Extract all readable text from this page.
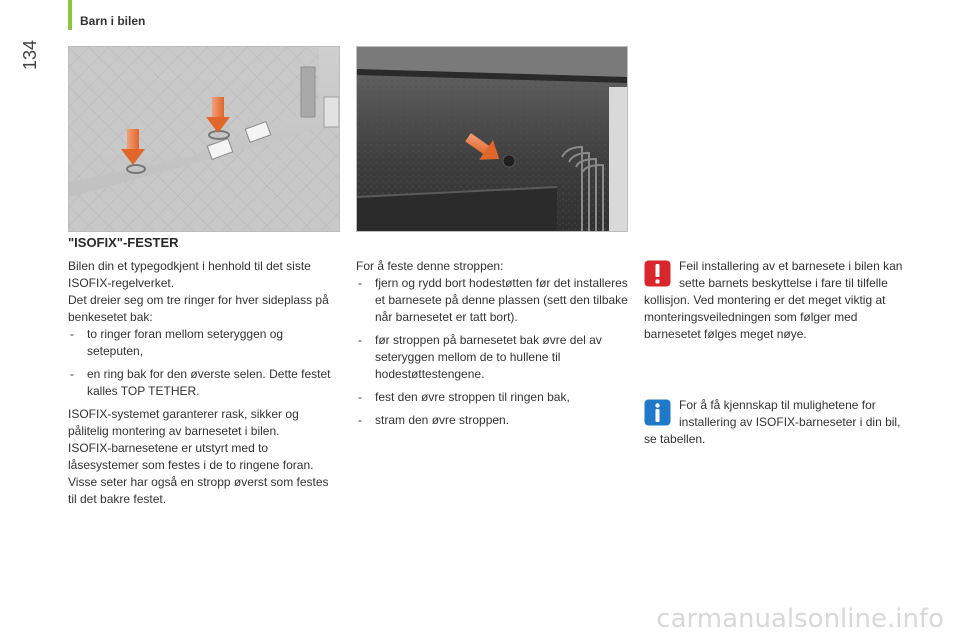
Barn i bilen
134
"ISOFIX"-FESTER

Bilen din et typegodkjent i henhold til det siste ISOFIX-regelverket.

Det dreier seg om tre ringer for hver sideplass på benkesetet bak:

- to ringer foran mellom seteryggen og seteputen,

- en ring bak for den øverste selen. Dette festet kalles TOP TETHER.

ISOFIX-systemet garanterer rask, sikker og pålitelig montering av barnesetet i bilen.

ISOFIX-barnesetene er utstyrt med to låsesystemer som festes i de to ringene foran.

Visse seter har også en stropp øverst som festes til det bakre festet.

For å feste denne stroppen:

- fjern og rydd bort hodestøtten før det installeres et barnesete på denne plassen (sett den tilbake når barnesetet er tatt bort).

- før stroppen på barnesetet bak øvre del av seteryggen mellom de to hullene til hodestøttestengene.

- fest den øvre stroppen til ringen bak,

- stram den øvre stroppen.

Feil installering av et barnesete i bilen kan sette barnets beskyttelse i fare til tilfelle kollisjon. Ved montering er det meget viktig at monteringsveiledningen som følger med barnesetet følges meget nøye.

For å få kjennskap til mulighetene for installering av ISOFIX-barneseter i din bil, se tabellen.

carmanualsonline.info
